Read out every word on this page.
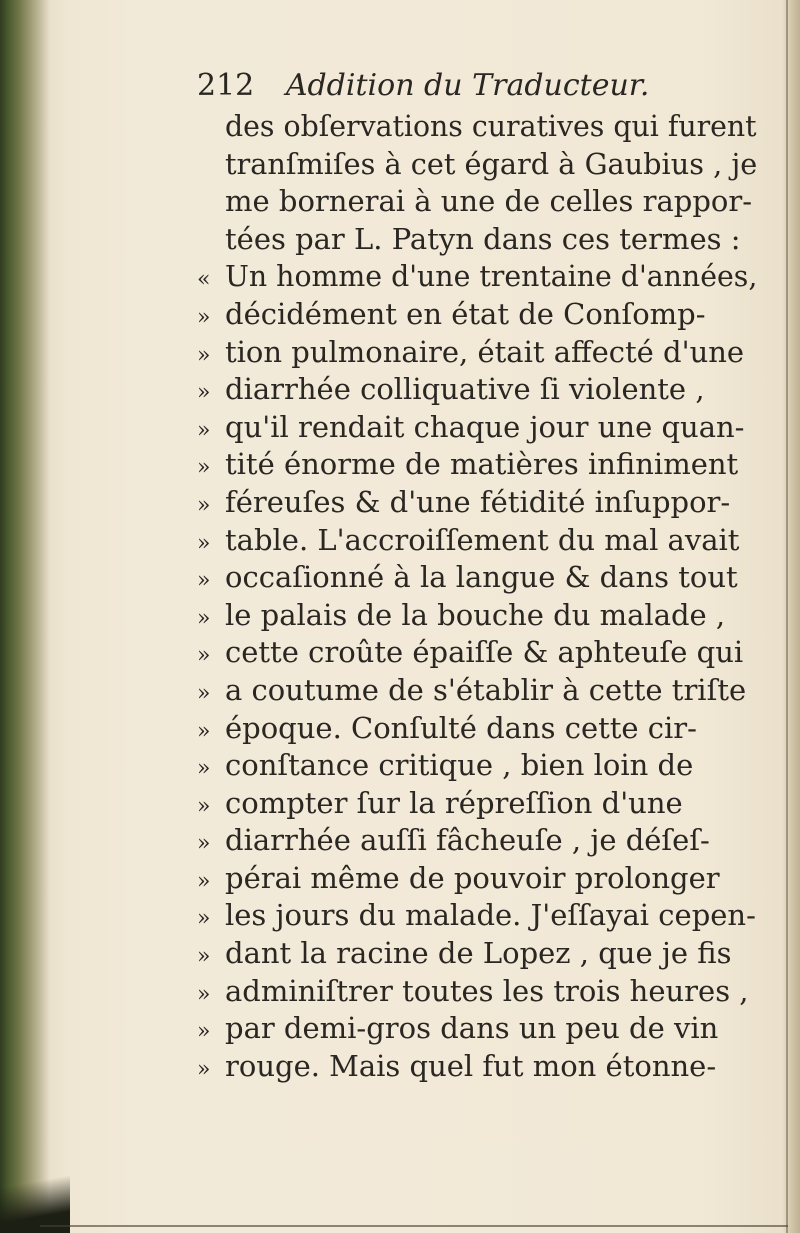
212 Addition du Traducteur.
des obſervations curatives qui furent
tranſmiſes à cet égard à Gaubius , je
me bornerai à une de celles rappor-
tées par L. Patyn dans ces termes :
« Un homme d'une trentaine d'années,
» décidément en état de Conſomp-
» tion pulmonaire, était affecté d'une
» diarrhée colliquative ſi violente ,
» qu'il rendait chaque jour une quan-
» tité énorme de matières infiniment
» féreuſes & d'une fétidité inſuppor-
» table. L'accroiſſement du mal avait
» occaſionné à la langue & dans tout
» le palais de la bouche du malade ,
» cette croûte épaiſſe & aphteuſe qui
» a coutume de s'établir à cette triſte
» époque. Conſulté dans cette cir-
» conſtance critique , bien loin de
» compter ſur la répreſſion d'une
» diarrhée auſſi fâcheuſe , je déſeſ-
» pérai même de pouvoir prolonger
» les jours du malade. J'eſſayai cepen-
» dant la racine de Lopez , que je fis
» adminiſtrer toutes les trois heures ,
» par demi-gros dans un peu de vin
» rouge. Mais quel fut mon étonne-
